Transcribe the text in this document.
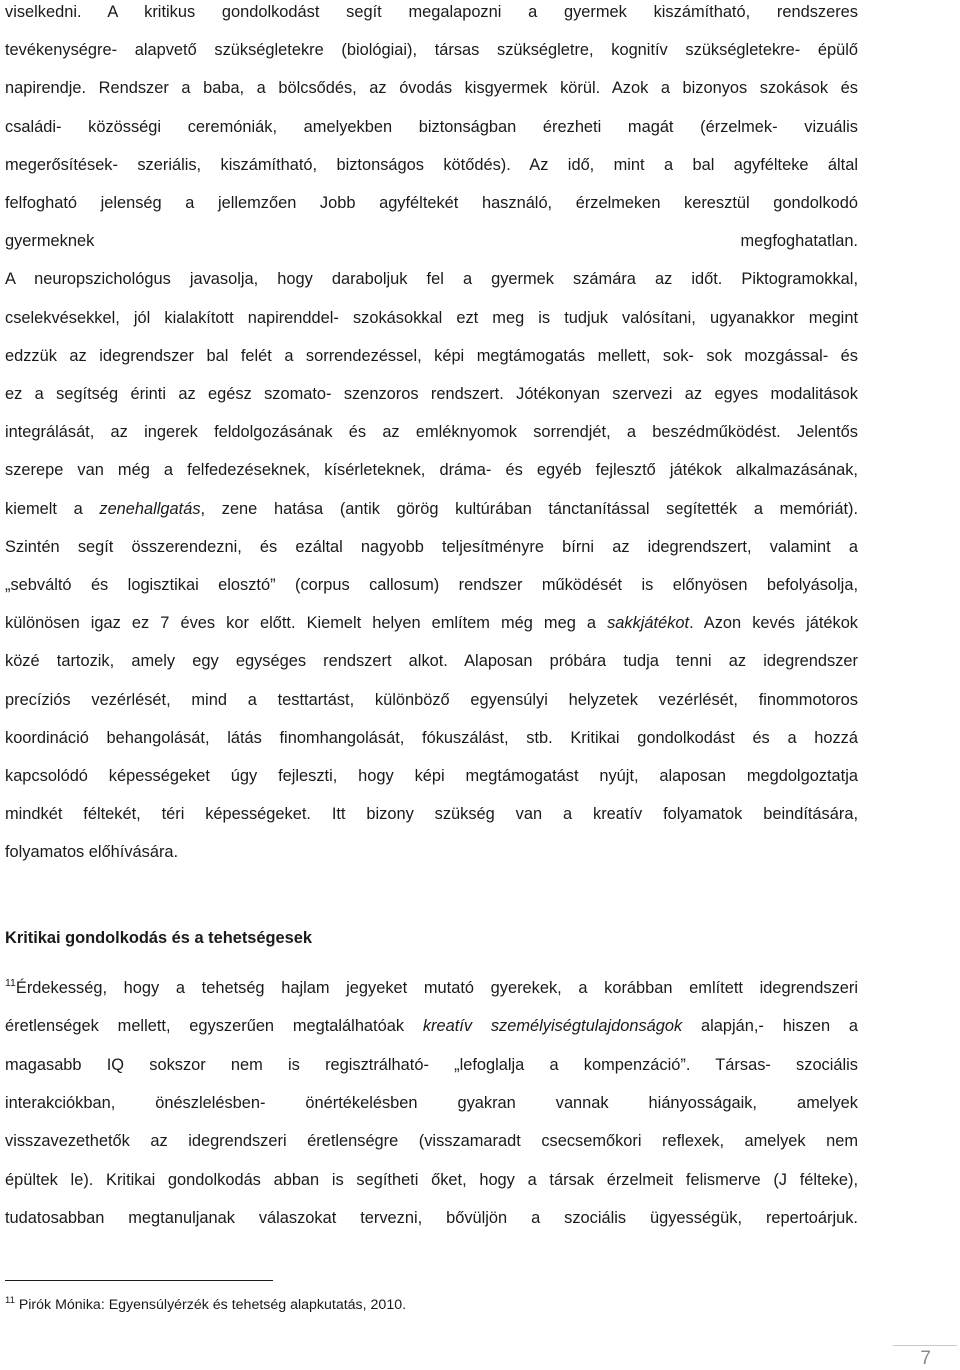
viselkedni. A kritikus gondolkodást segít megalapozni a gyermek kiszámítható, rendszeres

tevékenységre- alapvető szükségletekre (biológiai), társas szükségletre, kognitív szükségletekre- épülő

napirendje. Rendszer a baba, a bölcsődés, az óvodás kisgyermek körül. Azok a bizonyos szokások és

családi- közösségi ceremóniák, amelyekben biztonságban érezheti magát (érzelmek- vizuális

megerősítések- szeriális, kiszámítható, biztonságos kötődés). Az idő, mint a bal agyfélteke által

felfogható jelenség a jellemzően Jobb agyféltekét használó, érzelmeken keresztül gondolkodó

gyermeknek megfoghatatlan.

A neuropszichológus javasolja, hogy daraboljuk fel a gyermek számára az időt. Piktogramokkal,

cselekvésekkel, jól kialakított napirenddel- szokásokkal ezt meg is tudjuk valósítani, ugyanakkor megint

edzzük az idegrendszer bal felét a sorrendezéssel, képi megtámogatás mellett, sok- sok mozgással- és

ez a segítség érinti az egész szomato- szenzoros rendszert. Jótékonyan szervezi az egyes modalitások

integrálását, az ingerek feldolgozásának és az emléknyomok sorrendjét, a beszédműködést. Jelentős

szerepe van még a felfedezéseknek, kísérleteknek, dráma- és egyéb fejlesztő játékok alkalmazásának,

kiemelt a zenehallgatás, zene hatása (antik görög kultúrában tánctanítással segítették a memóriát).

Szintén segít összerendezni, és ezáltal nagyobb teljesítményre bírni az idegrendszert, valamint a

„sebváltó és logisztikai elosztó” (corpus callosum) rendszer működését is előnyösen befolyásolja,

különösen igaz ez 7 éves kor előtt. Kiemelt helyen említem még meg a sakkjátékot. Azon kevés játékok

közé tartozik, amely egy egységes rendszert alkot. Alaposan próbára tudja tenni az idegrendszer

precíziós vezérlését, mind a testtartást, különböző egyensúlyi helyzetek vezérlését, finommotoros

koordináció behangolását, látás finomhangolását, fókuszálást, stb. Kritikai gondolkodást és a hozzá

kapcsolódó képességeket úgy fejleszti, hogy képi megtámogatást nyújt, alaposan megdolgoztatja

mindkét féltekét, téri képességeket. Itt bizony szükség van a kreatív folyamatok beindítására,

folyamatos előhívására.

Kritikai gondolkodás és a tehetségesek

$^{11}$Érdekesség, hogy a tehetség hajlam jegyeket mutató gyerekek, a korábban említett idegrendszeri

éretlenségek mellett, egyszerűen megtalálhatóak kreatív személyiségtulajdonságok alapján,- hiszen a

magasabb IQ sokszor nem is regisztrálható- „lefoglalja a kompenzáció”. Társas- szociális

interakciókban, önészlelésben- önértékelésben gyakran vannak hiányosságaik, amelyek

visszavezethetők az idegrendszeri éretlenségre (visszamaradt csecsemőkori reflexek, amelyek nem

épültek le). Kritikai gondolkodás abban is segítheti őket, hogy a társak érzelmeit felismerve (J félteke),

tudatosabban megtanuljanak válaszokat tervezni, bővüljön a szociális ügyességük, repertoárjuk.

$^{11}$ Pirók Mónika: Egyensúlyérzék és tehetség alapkutatás, 2010.

7
